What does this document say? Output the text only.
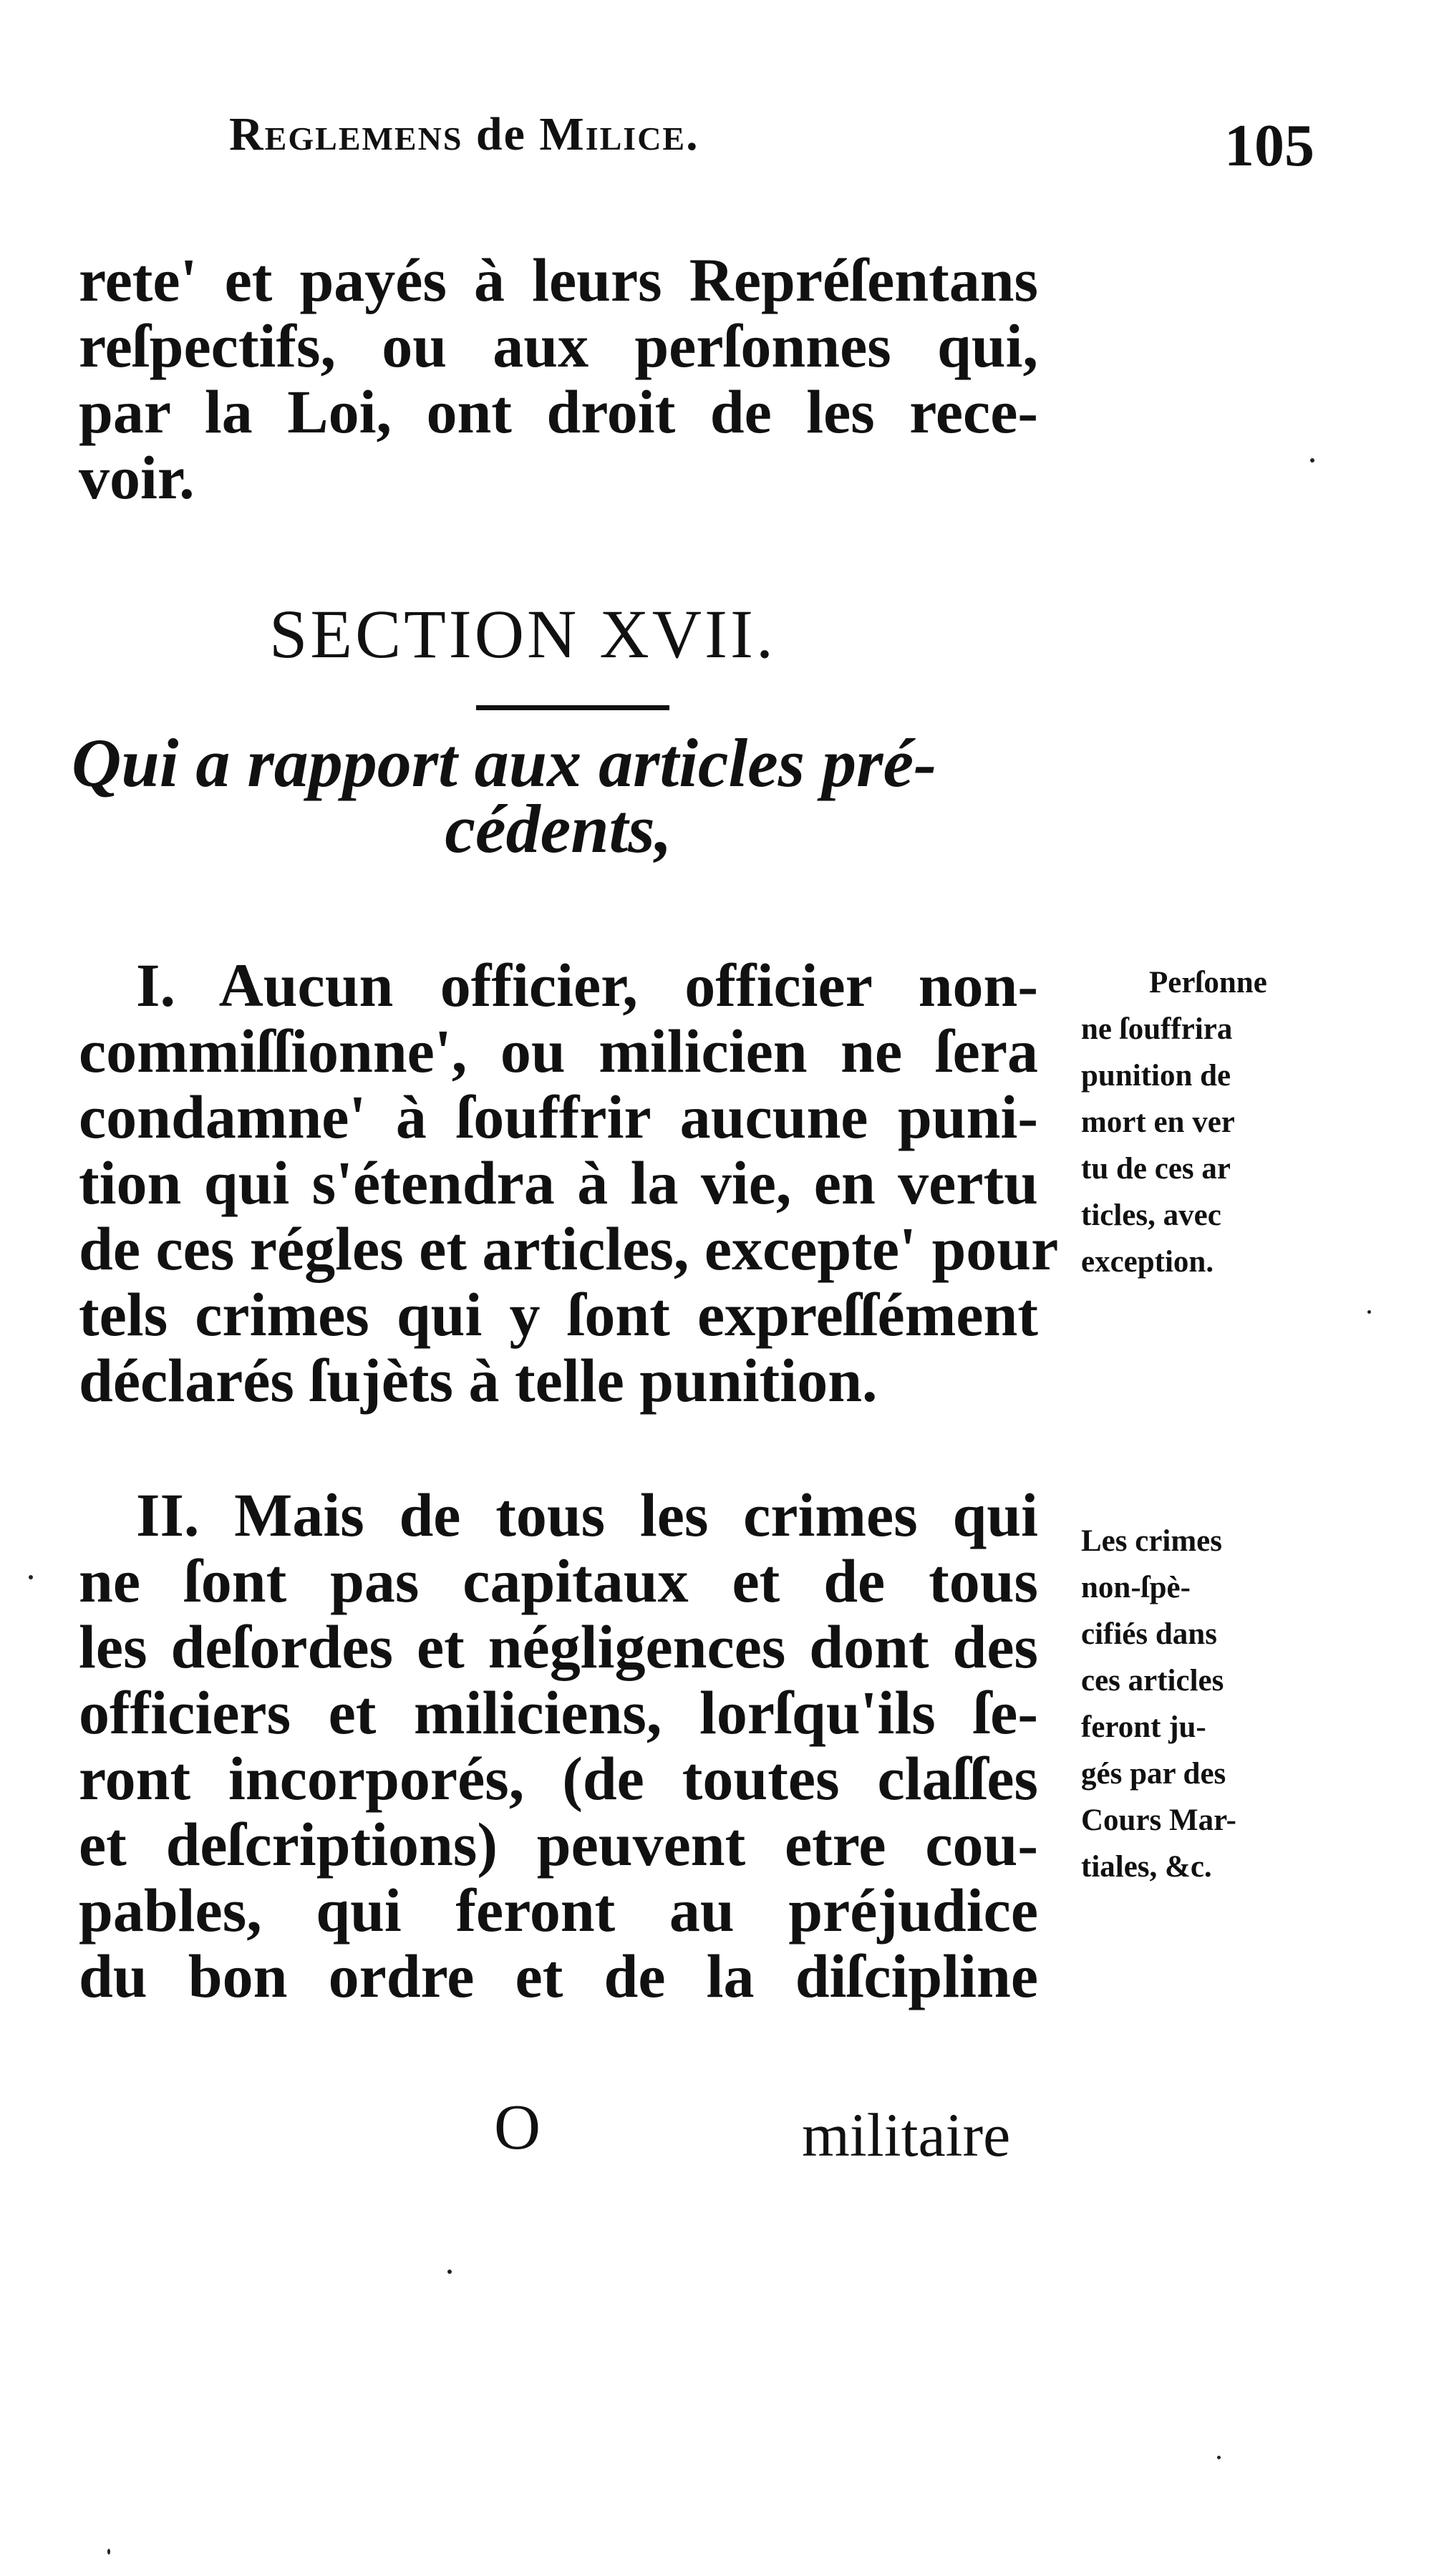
Reglemens de Milice.	105
rete' et payés à leurs Repréſentans
reſpectifs, ou aux perſonnes qui,
par la Loi, ont droit de les rece-
voir.
SECTION XVII.
Qui a rapport aux articles pré-
cédents,
I. Aucun officier, officier non-
commiſſionne', ou milicien ne ſera
condamne' à ſouffrir aucune puni-
tion qui s'étendra à la vie, en vertu
de ces régles et articles, excepte' pour
tels crimes qui y ſont expreſſément
déclarés ſujèts à telle punition.
Perſonne
ne ſouffrira
punition de
mort en ver
tu de ces ar
ticles, avec
exception.
II. Mais de tous les crimes qui
ne ſont pas capitaux et de tous
les deſordes et négligences dont des
officiers et miliciens, lorſqu'ils ſe-
ront incorporés, (de toutes claſſes
et deſcriptions) peuvent etre cou-
pables, qui feront au préjudice
du bon ordre et de la diſcipline
Les crimes
non-ſpè-
cifiés dans
ces articles
feront ju-
gés par des
Cours Mar-
tiales, &c.
O	militaire
